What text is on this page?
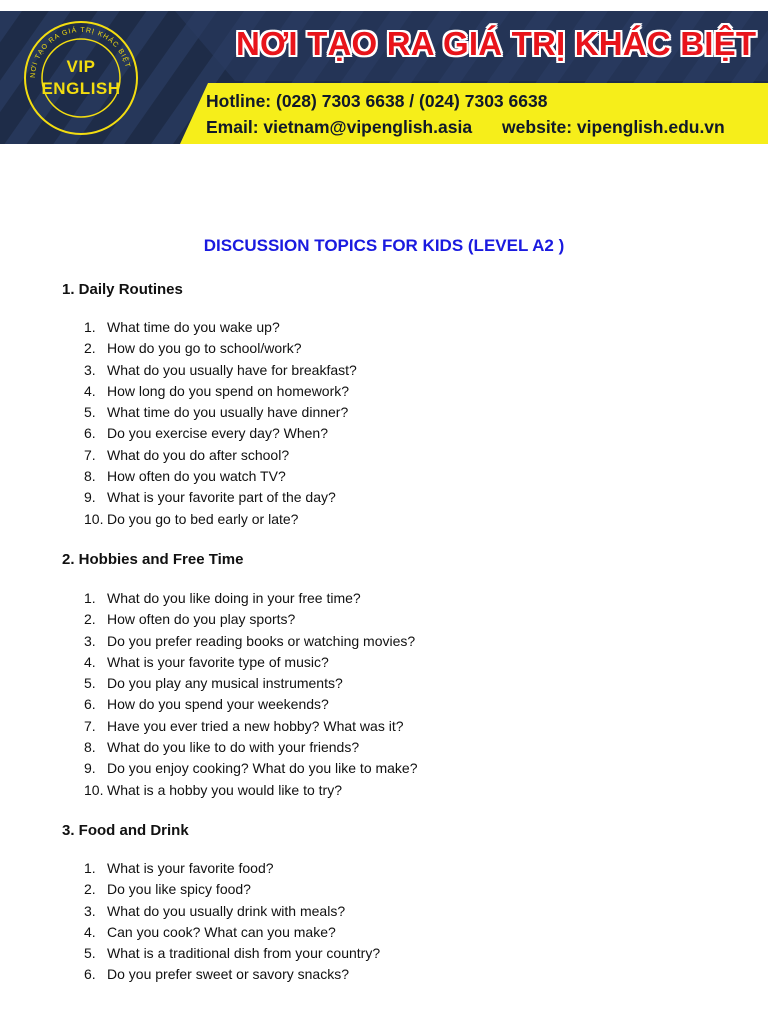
NƠI TẠO RA GIÁ TRỊ KHÁC BIỆT
VIP
ENGLISH
NƠI TẠO RA GIÁ TRỊ KHÁC BIỆT
Hotline: (028) 7303 6638 / (024) 7303 6638
Email: vietnam@vipenglish.asia website: vipenglish.edu.vn
DISCUSSION TOPICS FOR KIDS (LEVEL A2 )
1. Daily Routines
1. What time do you wake up?
2. How do you go to school/work?
3. What do you usually have for breakfast?
4. How long do you spend on homework?
5. What time do you usually have dinner?
6. Do you exercise every day? When?
7. What do you do after school?
8. How often do you watch TV?
9. What is your favorite part of the day?
10. Do you go to bed early or late?
2. Hobbies and Free Time
1. What do you like doing in your free time?
2. How often do you play sports?
3. Do you prefer reading books or watching movies?
4. What is your favorite type of music?
5. Do you play any musical instruments?
6. How do you spend your weekends?
7. Have you ever tried a new hobby? What was it?
8. What do you like to do with your friends?
9. Do you enjoy cooking? What do you like to make?
10. What is a hobby you would like to try?
3. Food and Drink
1. What is your favorite food?
2. Do you like spicy food?
3. What do you usually drink with meals?
4. Can you cook? What can you make?
5. What is a traditional dish from your country?
6. Do you prefer sweet or savory snacks?
